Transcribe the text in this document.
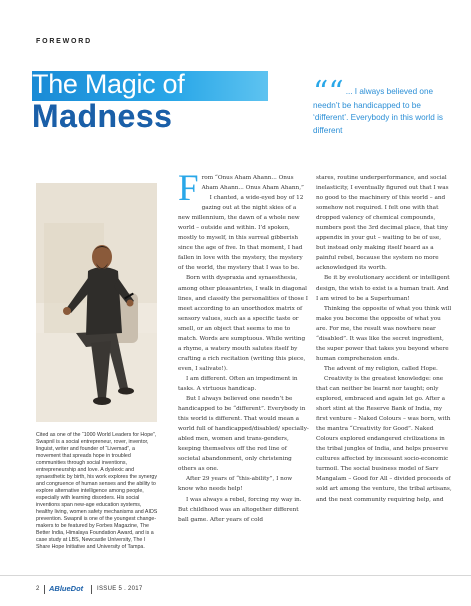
FOREWORD
The Magic of
Madness
““ ... I always believed one needn’t be handicapped to be ‘different’. Everybody in this world is different

Cited as one of the “1000 World Leaders for Hope”, Swapnil is a social entrepreneur, rover, inventor, linguist, writer and founder of “Livemad”, a movement that spreads hope in troubled communities through social inventions, entrepreneurship and love. A dyslexic and synaesthetic by birth, his work explores the synergy and congruence of human senses and the ability to explore alternative intelligence among people, especially with learning disorders. His social inventions span new-age education systems, healthy living, women safety mechanisms and AIDS prevention. Swapnil is one of the youngest change-makers to be featured by Forbes Magazine, The Better India, Himalaya Foundation Award, and is a case study at LBS, Newcastle University, The I Share Hope Initiative and University of Tampa.

From “Onus Aham Ahann... Onus Aham Ahann... Onus Aham Ahann,”

I chanted, a wide-eyed boy of 12 gazing out at the night skies of a new millennium, the dawn of a whole new world – outside and within. I’d spoken, mostly to myself, in this surreal gibberish since the age of five. In that moment, I had fallen in love with the mystery, the mystery of the world, the mystery that I was to be.

Born with dyspraxia and synaesthesia, among other pleasantries, I walk in diagonal lines, and classify the personalities of those I meet according to an unorthodox matrix of sensory values, such as a specific taste or smell, or an object that seems to me to match. Words are sumptuous. While writing a rhyme, a watery mouth salutes itself by crafting a rich recitation (writing this piece, even, I salivate!).

I am different. Often an impediment in tasks. A virtuous handicap.

But I always believed one needn’t be handicapped to be “different”. Everybody in this world is different. That would mean a world full of handicapped/disabled/ specially-abled men, women and trans-genders, keeping themselves off the red line of societal abandonment, only christening others as one.

After 29 years of “this-ability”, I now know who needs help!

I was always a rebel, forcing my way in. But childhood was an altogether different ball game. After years of cold

stares, routine underperformance, and social inelasticity, I eventually figured out that I was no good to the machinery of this world – and somehow not required. I felt one with that dropped valency of chemical compounds, numbers post the 3rd decimal place, that tiny appendix in your gut – waiting to be of use, but instead only making itself heard as a painful rebel, because the system no more acknowledged its worth.

Be it by evolutionary accident or intelligent design, the wish to exist is a human trait. And I am wired to be a Superhuman!

Thinking the opposite of what you think will make you become the opposite of what you are. For me, the result was nowhere near “disabled”. It was like the secret ingredient, the super power that takes you beyond where human comprehension ends.

The advent of my religion, called Hope.

Creativity is the greatest knowledge: one that can neither be learnt nor taught; only explored, embraced and again let go. After a short stint at the Reserve Bank of India, my first venture – Naked Colours – was born, with the mantra “Creativity for Good”. Naked Colours explored endangered civilizations in the tribal jungles of India, and helps preserve cultures affected by incessant socio-economic turmoil. The social business model of Sarv Mangalam – Good for All – divided proceeds of sold art among the venture, the tribal artisans, and the next community requiring help, and

2 ABlueDot ISSUE 5 . 2017
